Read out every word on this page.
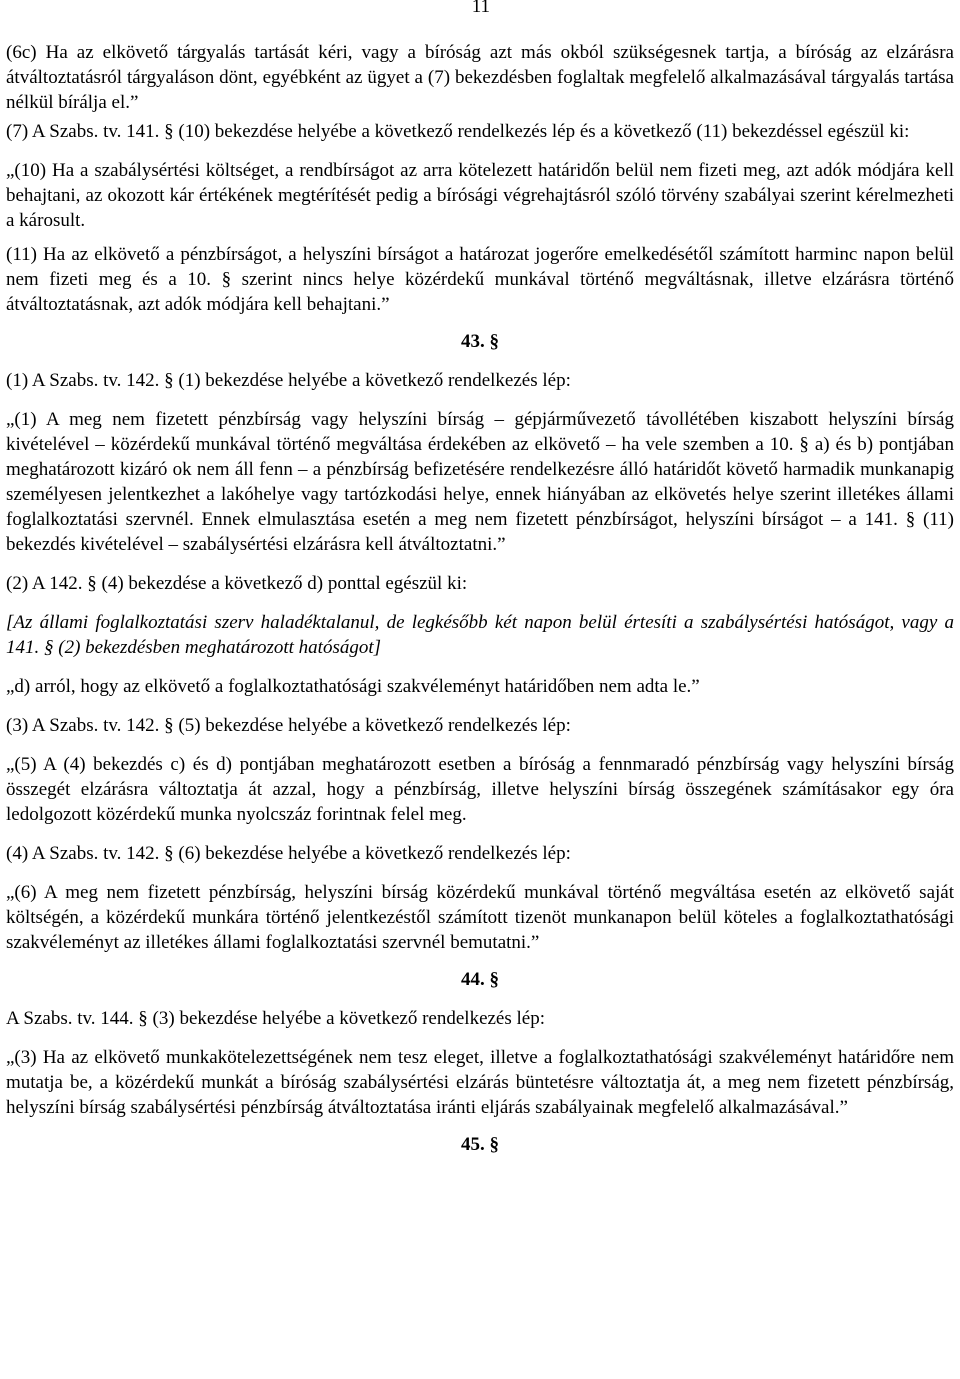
11

(6c) Ha az elkövető tárgyalás tartását kéri, vagy a bíróság azt más okból szükségesnek tartja, a bíróság az elzárásra átváltoztatásról tárgyaláson dönt, egyébként az ügyet a (7) bekezdésben foglaltak megfelelő alkalmazásával tárgyalás tartása nélkül bírálja el.”

(7) A Szabs. tv. 141. § (10) bekezdése helyébe a következő rendelkezés lép és a következő (11) bekezdéssel egészül ki:

„(10) Ha a szabálysértési költséget, a rendbírságot az arra kötelezett határidőn belül nem fizeti meg, azt adók módjára kell behajtani, az okozott kár értékének megtérítését pedig a bírósági végrehajtásról szóló törvény szabályai szerint kérelmezheti a károsult.

(11) Ha az elkövető a pénzbírságot, a helyszíni bírságot a határozat jogerőre emelkedésétől számított harminc napon belül nem fizeti meg és a 10. § szerint nincs helye közérdekű munkával történő megváltásnak, illetve elzárásra történő átváltoztatásnak, azt adók módjára kell behajtani.”

43. §

(1) A Szabs. tv. 142. § (1) bekezdése helyébe a következő rendelkezés lép:

„(1) A meg nem fizetett pénzbírság vagy helyszíni bírság – gépjárművezető távollétében kiszabott helyszíni bírság kivételével – közérdekű munkával történő megváltása érdekében az elkövető – ha vele szemben a 10. § a) és b) pontjában meghatározott kizáró ok nem áll fenn – a pénzbírság befizetésére rendelkezésre álló határidőt követő harmadik munkanapig személyesen jelentkezhet a lakóhelye vagy tartózkodási helye, ennek hiányában az elkövetés helye szerint illetékes állami foglalkoztatási szervnél. Ennek elmulasztása esetén a meg nem fizetett pénzbírságot, helyszíni bírságot – a 141. § (11) bekezdés kivételével – szabálysértési elzárásra kell átváltoztatni.”

(2) A 142. § (4) bekezdése a következő d) ponttal egészül ki:

[Az állami foglalkoztatási szerv haladéktalanul, de legkésőbb két napon belül értesíti a szabálysértési hatóságot, vagy a 141. § (2) bekezdésben meghatározott hatóságot]

„d) arról, hogy az elkövető a foglalkoztathatósági szakvéleményt határidőben nem adta le.”

(3) A Szabs. tv. 142. § (5) bekezdése helyébe a következő rendelkezés lép:

„(5) A (4) bekezdés c) és d) pontjában meghatározott esetben a bíróság a fennmaradó pénzbírság vagy helyszíni bírság összegét elzárásra változtatja át azzal, hogy a pénzbírság, illetve helyszíni bírság összegének számításakor egy óra ledolgozott közérdekű munka nyolcszáz forintnak felel meg.

(4) A Szabs. tv. 142. § (6) bekezdése helyébe a következő rendelkezés lép:

„(6) A meg nem fizetett pénzbírság, helyszíni bírság közérdekű munkával történő megváltása esetén az elkövető saját költségén, a közérdekű munkára történő jelentkezéstől számított tizenöt munkanapon belül köteles a foglalkoztathatósági szakvéleményt az illetékes állami foglalkoztatási szervnél bemutatni.”

44. §

A Szabs. tv. 144. § (3) bekezdése helyébe a következő rendelkezés lép:

„(3) Ha az elkövető munkakötelezettségének nem tesz eleget, illetve a foglalkoztathatósági szakvéleményt határidőre nem mutatja be, a közérdekű munkát a bíróság szabálysértési elzárás büntetésre változtatja át, a meg nem fizetett pénzbírság, helyszíni bírság szabálysértési pénzbírság átváltoztatása iránti eljárás szabályainak megfelelő alkalmazásával.”

45. §
